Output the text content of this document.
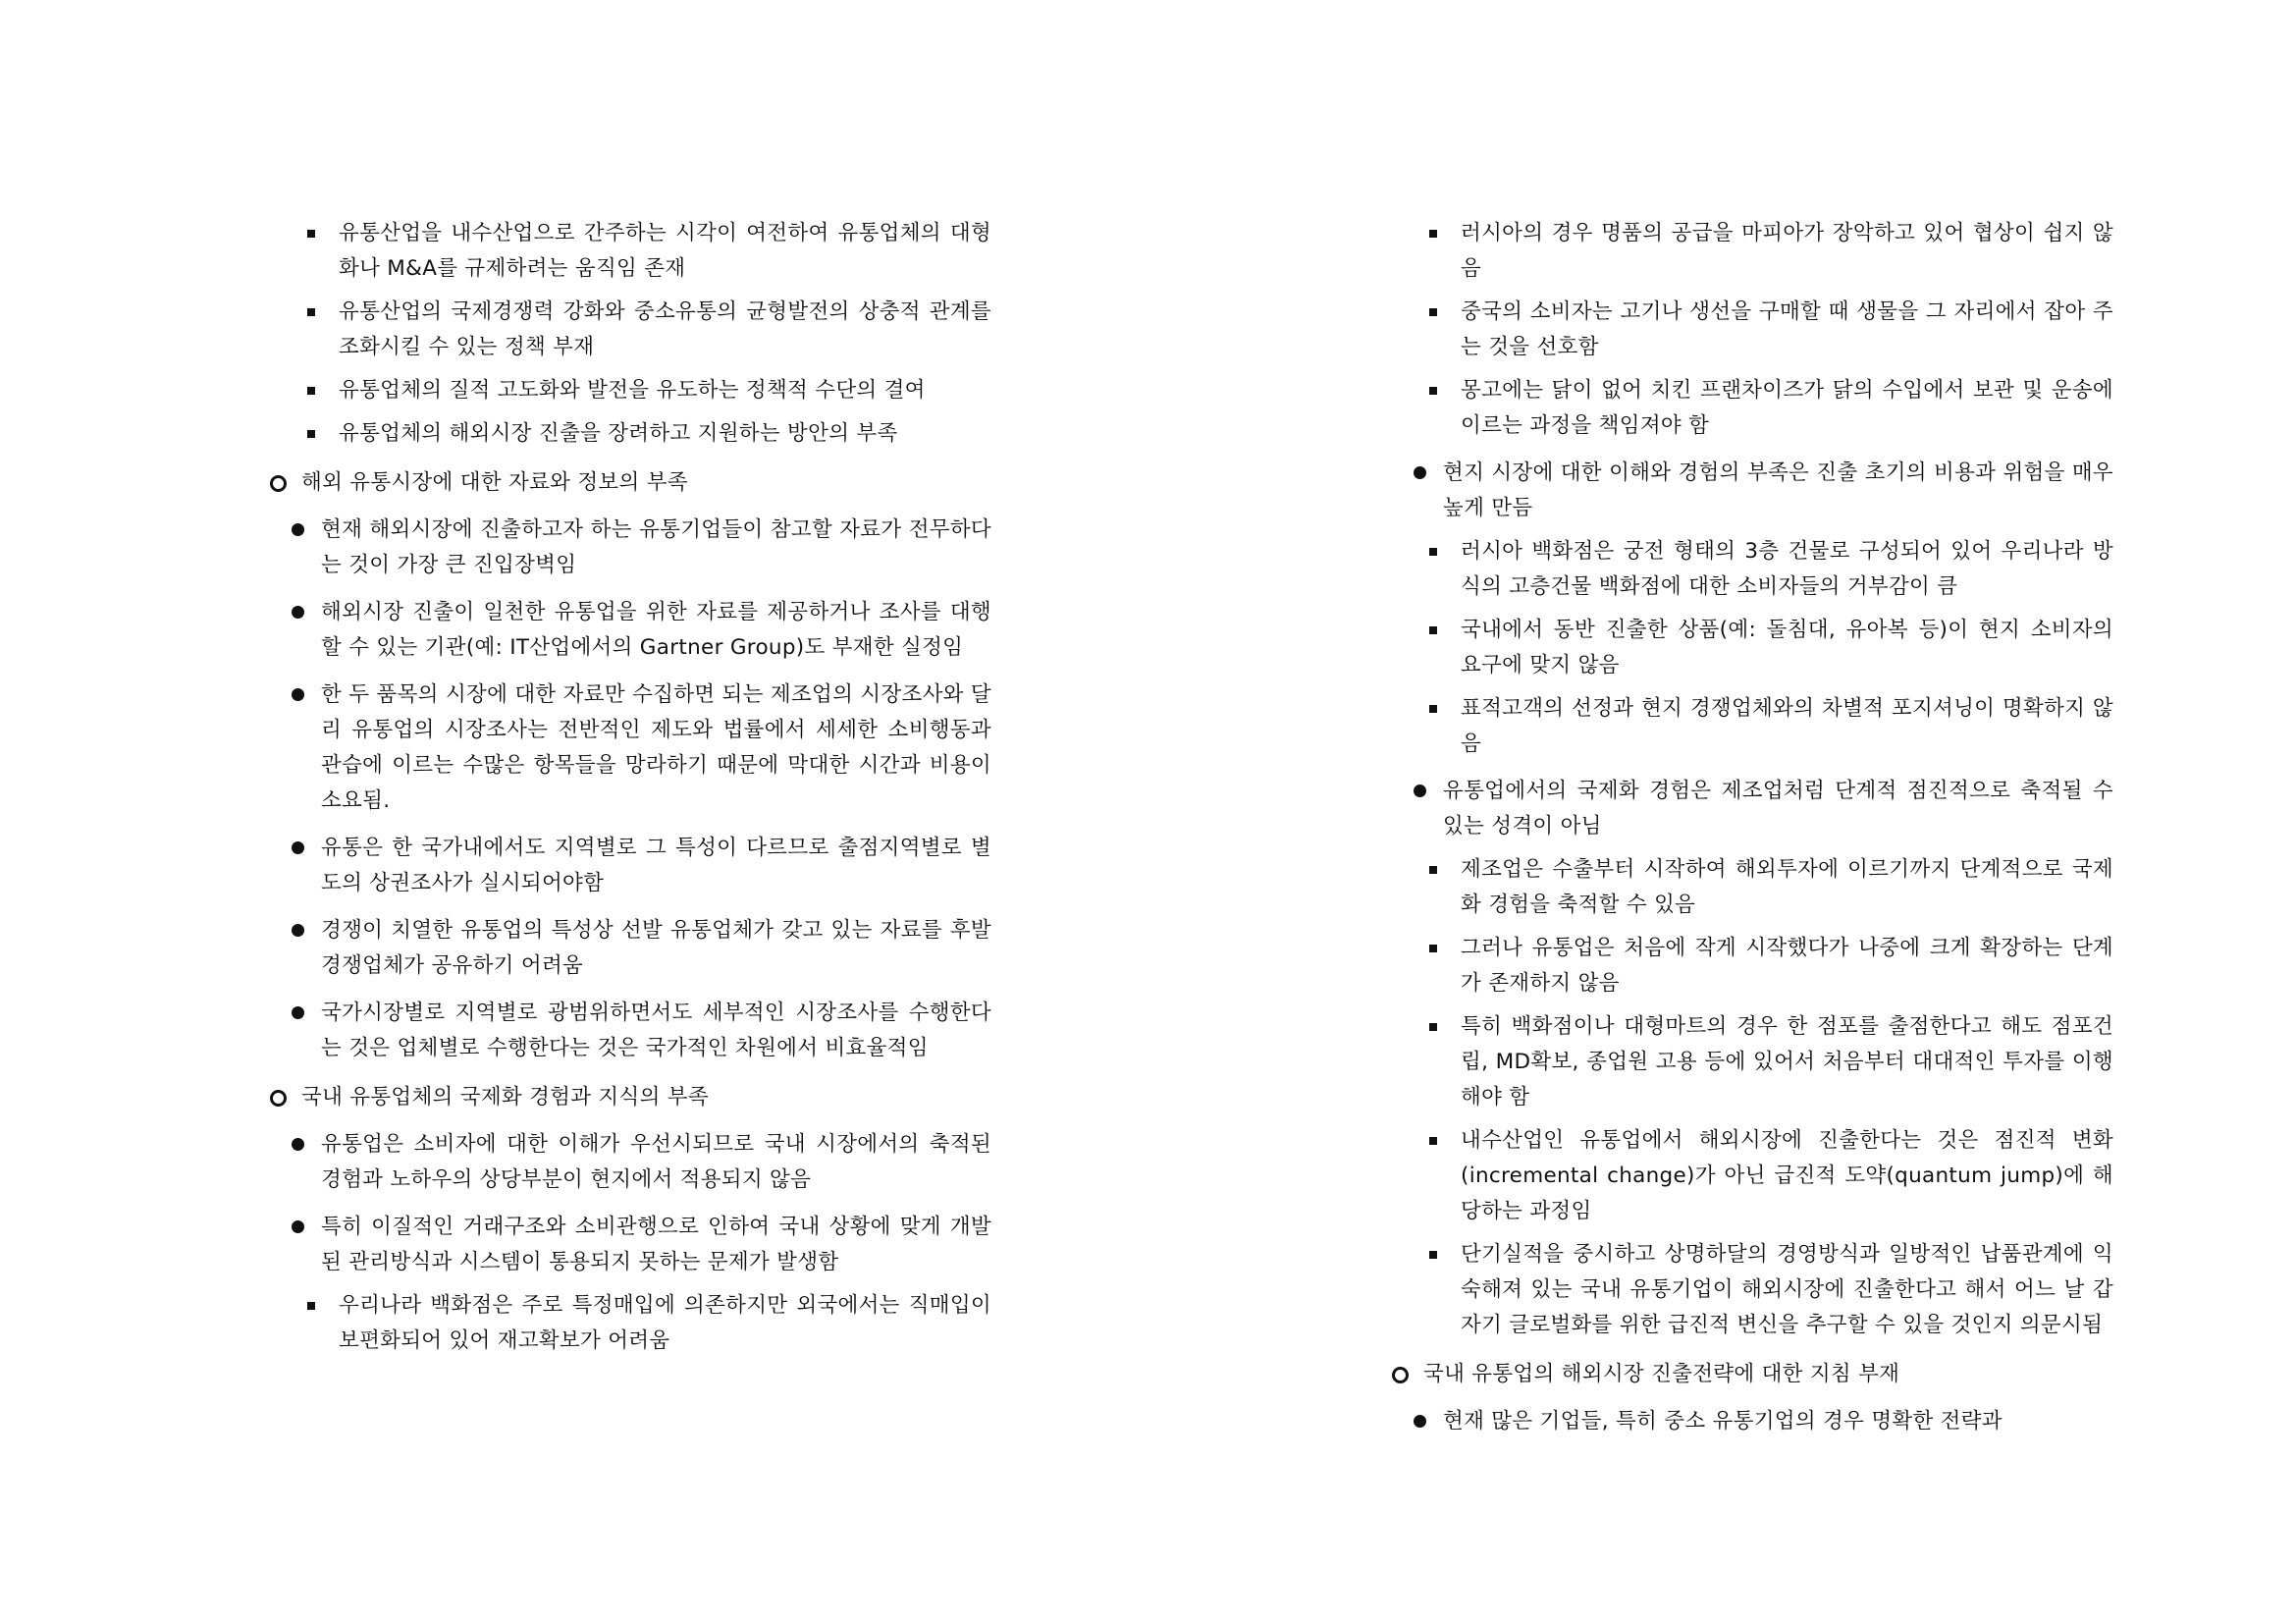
유통산업을 내수산업으로 간주하는 시각이 여전하여 유통업체의 대형화나 M&A를 규제하려는 움직임 존재
유통산업의 국제경쟁력 강화와 중소유통의 균형발전의 상충적 관계를 조화시킬 수 있는 정책 부재
유통업체의 질적 고도화와 발전을 유도하는 정책적 수단의 결여
유통업체의 해외시장 진출을 장려하고 지원하는 방안의 부족
해외 유통시장에 대한 자료와 정보의 부족
현재 해외시장에 진출하고자 하는 유통기업들이 참고할 자료가 전무하다는 것이 가장 큰 진입장벽임
해외시장 진출이 일천한 유통업을 위한 자료를 제공하거나 조사를 대행할 수 있는 기관(예: IT산업에서의 Gartner Group)도 부재한 실정임
한 두 품목의 시장에 대한 자료만 수집하면 되는 제조업의 시장조사와 달리 유통업의 시장조사는 전반적인 제도와 법률에서 세세한 소비행동과 관습에 이르는 수많은 항목들을 망라하기 때문에 막대한 시간과 비용이 소요됨.
유통은 한 국가내에서도 지역별로 그 특성이 다르므로 출점지역별로 별도의 상권조사가 실시되어야함
경쟁이 치열한 유통업의 특성상 선발 유통업체가 갖고 있는 자료를 후발 경쟁업체가 공유하기 어려움
국가시장별로 지역별로 광범위하면서도 세부적인 시장조사를 수행한다는 것은 업체별로 수행한다는 것은 국가적인 차원에서 비효율적임
국내 유통업체의 국제화 경험과 지식의 부족
유통업은 소비자에 대한 이해가 우선시되므로 국내 시장에서의 축적된 경험과 노하우의 상당부분이 현지에서 적용되지 않음
특히 이질적인 거래구조와 소비관행으로 인하여 국내 상황에 맞게 개발된 관리방식과 시스템이 통용되지 못하는 문제가 발생함
우리나라 백화점은 주로 특정매입에 의존하지만 외국에서는 직매입이 보편화되어 있어 재고확보가 어려움
러시아의 경우 명품의 공급을 마피아가 장악하고 있어 협상이 쉽지 않음
중국의 소비자는 고기나 생선을 구매할 때 생물을 그 자리에서 잡아 주는 것을 선호함
몽고에는 닭이 없어 치킨 프랜차이즈가 닭의 수입에서 보관 및 운송에 이르는 과정을 책임져야 함
현지 시장에 대한 이해와 경험의 부족은 진출 초기의 비용과 위험을 매우 높게 만듬
러시아 백화점은 궁전 형태의 3층 건물로 구성되어 있어 우리나라 방식의 고층건물 백화점에 대한 소비자들의 거부감이 큼
국내에서 동반 진출한 상품(예: 돌침대, 유아복 등)이 현지 소비자의 요구에 맞지 않음
표적고객의 선정과 현지 경쟁업체와의 차별적 포지셔닝이 명확하지 않음
유통업에서의 국제화 경험은 제조업처럼 단계적 점진적으로 축적될 수 있는 성격이 아님
제조업은 수출부터 시작하여 해외투자에 이르기까지 단계적으로 국제화 경험을 축적할 수 있음
그러나 유통업은 처음에 작게 시작했다가 나중에 크게 확장하는 단계가 존재하지 않음
특히 백화점이나 대형마트의 경우 한 점포를 출점한다고 해도 점포건립, MD확보, 종업원 고용 등에 있어서 처음부터 대대적인 투자를 이행해야 함
내수산업인 유통업에서 해외시장에 진출한다는 것은 점진적 변화(incremental change)가 아닌 급진적 도약(quantum jump)에 해당하는 과정임
단기실적을 중시하고 상명하달의 경영방식과 일방적인 납품관계에 익숙해져 있는 국내 유통기업이 해외시장에 진출한다고 해서 어느 날 갑자기 글로벌화를 위한 급진적 변신을 추구할 수 있을 것인지 의문시됨
국내 유통업의 해외시장 진출전략에 대한 지침 부재
현재 많은 기업들, 특히 중소 유통기업의 경우 명확한 전략과
